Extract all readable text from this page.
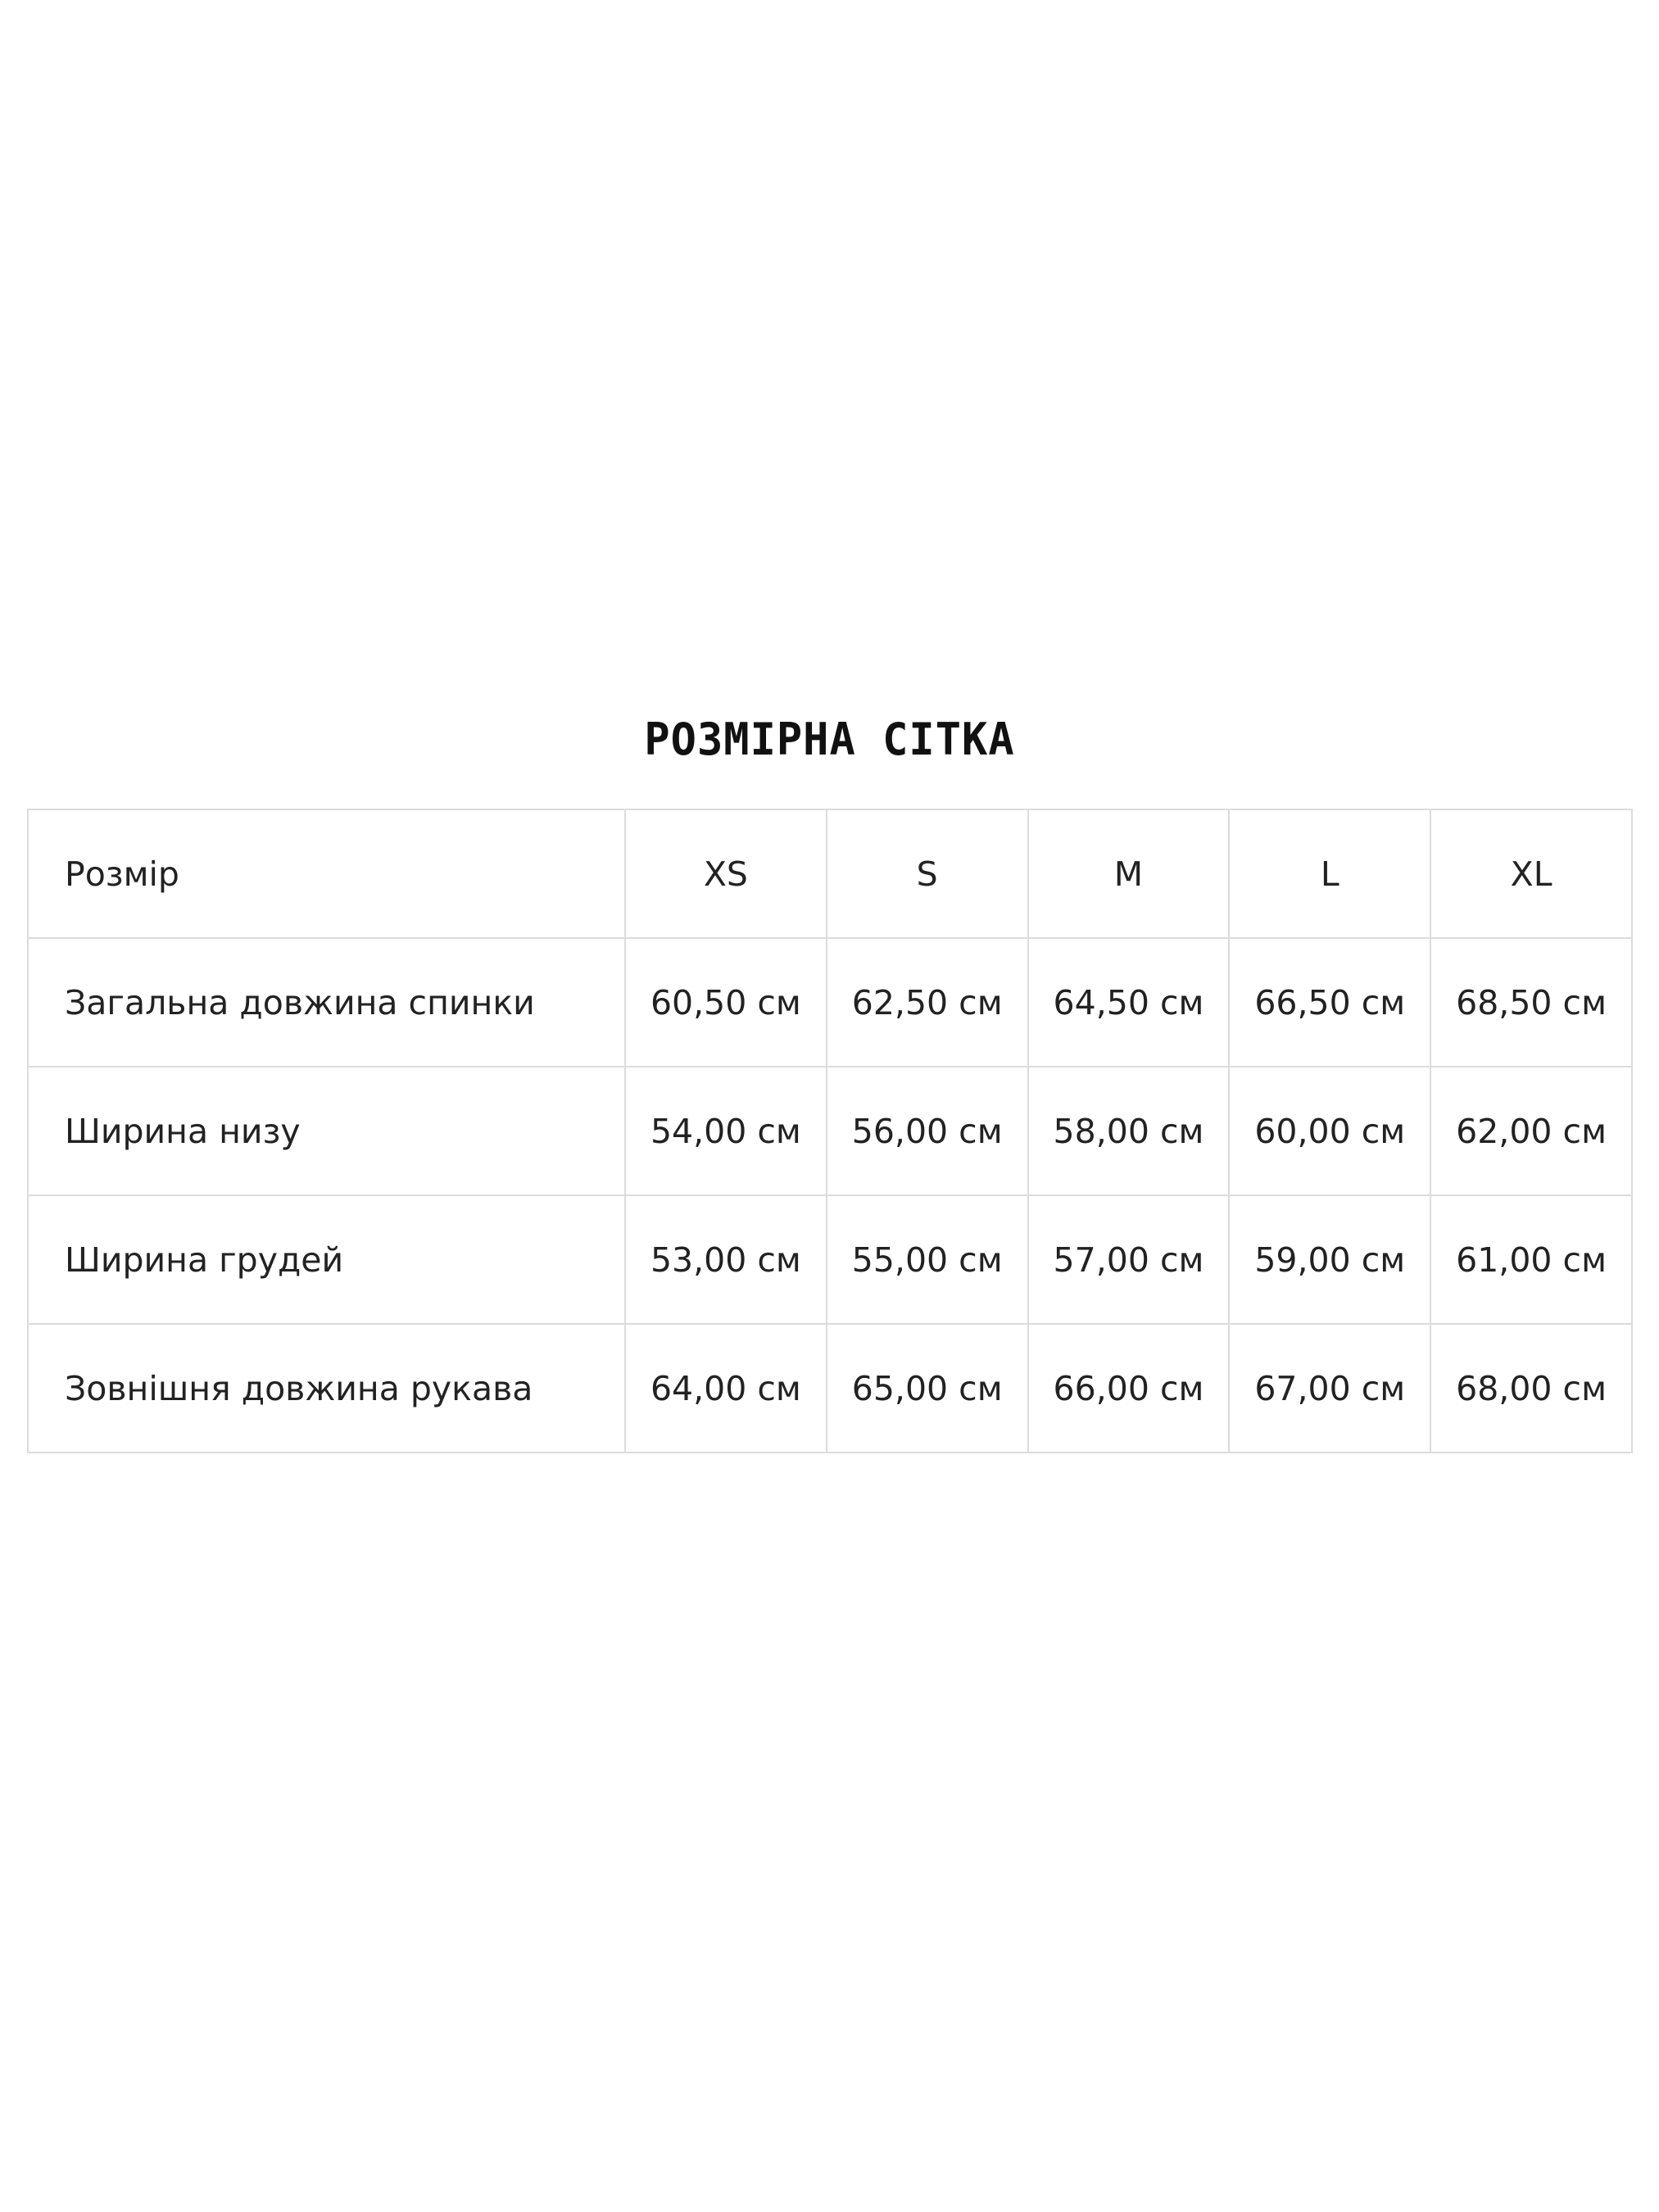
РОЗМІРНА СІТКА
Розмір	XS	S	M	L	XL
Загальна довжина спинки	60,50 см	62,50 см	64,50 см	66,50 см	68,50 см
Ширина низу	54,00 см	56,00 см	58,00 см	60,00 см	62,00 см
Ширина грудей	53,00 см	55,00 см	57,00 см	59,00 см	61,00 см
Зовнішня довжина рукава	64,00 см	65,00 см	66,00 см	67,00 см	68,00 см
